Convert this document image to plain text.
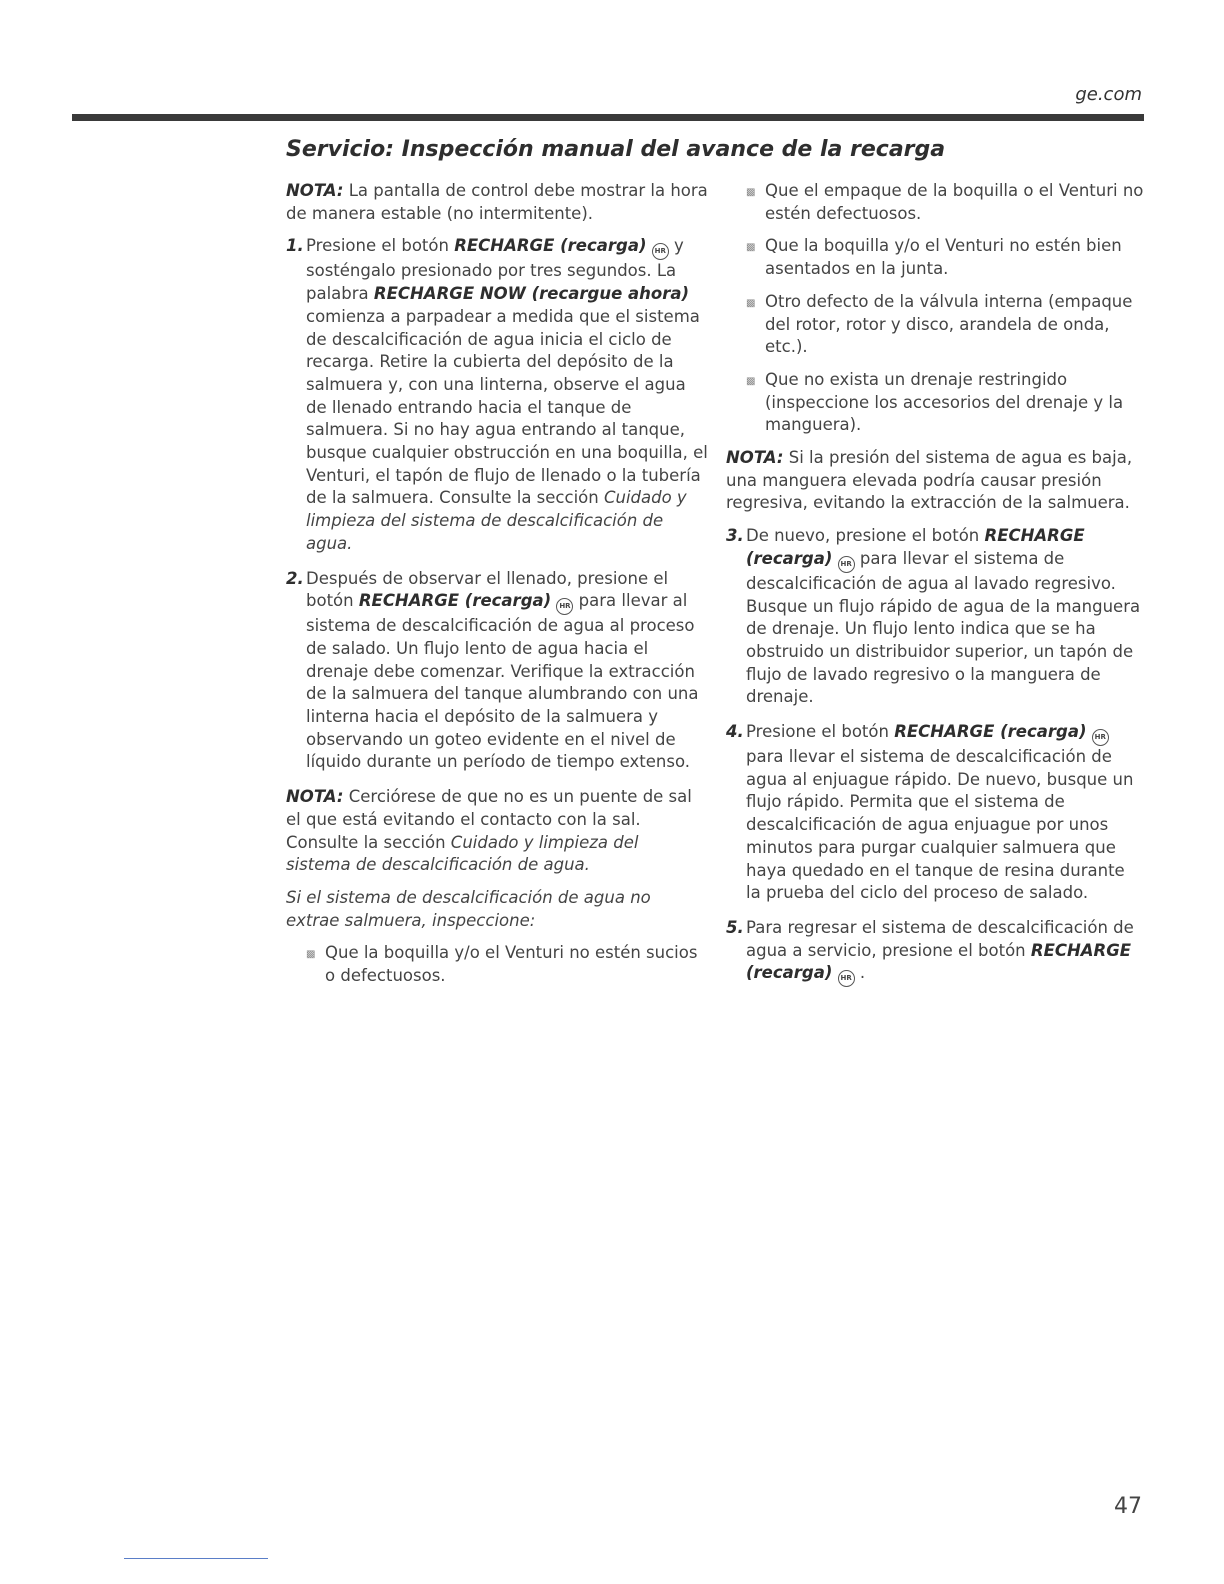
ge.com
Servicio: Inspección manual del avance de la recarga

NOTA: La pantalla de control debe mostrar la hora de manera estable (no intermitente).

1. Presione el botón RECHARGE (recarga) HR y sosténgalo presionado por tres segundos. La palabra RECHARGE NOW (recargue ahora) comienza a parpadear a medida que el sistema de descalcificación de agua inicia el ciclo de recarga. Retire la cubierta del depósito de la salmuera y, con una linterna, observe el agua de llenado entrando hacia el tanque de salmuera. Si no hay agua entrando al tanque, busque cualquier obstrucción en una boquilla, el Venturi, el tapón de flujo de llenado o la tubería de la salmuera. Consulte la sección Cuidado y limpieza del sistema de descalcificación de agua.
2. Después de observar el llenado, presione el botón RECHARGE (recarga) HR para llevar al sistema de descalcificación de agua al proceso de salado. Un flujo lento de agua hacia el drenaje debe comenzar. Verifique la extracción de la salmuera del tanque alumbrando con una linterna hacia el depósito de la salmuera y observando un goteo evidente en el nivel de líquido durante un período de tiempo extenso.

NOTA: Cerciórese de que no es un puente de sal el que está evitando el contacto con la sal. Consulte la sección Cuidado y limpieza del sistema de descalcificación de agua.

Si el sistema de descalcificación de agua no extrae salmuera, inspeccione:

▩ Que la boquilla y/o el Venturi no estén sucios o defectuosos.
▩ Que el empaque de la boquilla o el Venturi no estén defectuosos.
▩ Que la boquilla y/o el Venturi no estén bien asentados en la junta.
▩ Otro defecto de la válvula interna (empaque del rotor, rotor y disco, arandela de onda, etc.).
▩ Que no exista un drenaje restringido (inspeccione los accesorios del drenaje y la manguera).

NOTA: Si la presión del sistema de agua es baja, una manguera elevada podría causar presión regresiva, evitando la extracción de la salmuera.

3. De nuevo, presione el botón RECHARGE (recarga) HR para llevar el sistema de descalcificación de agua al lavado regresivo. Busque un flujo rápido de agua de la manguera de drenaje. Un flujo lento indica que se ha obstruido un distribuidor superior, un tapón de flujo de lavado regresivo o la manguera de drenaje.
4. Presione el botón RECHARGE (recarga) HR para llevar el sistema de descalcificación de agua al enjuague rápido. De nuevo, busque un flujo rápido. Permita que el sistema de descalcificación de agua enjuague por unos minutos para purgar cualquier salmuera que haya quedado en el tanque de resina durante la prueba del ciclo del proceso de salado.
5. Para regresar el sistema de descalcificación de agua a servicio, presione el botón RECHARGE (recarga) HR .
47
